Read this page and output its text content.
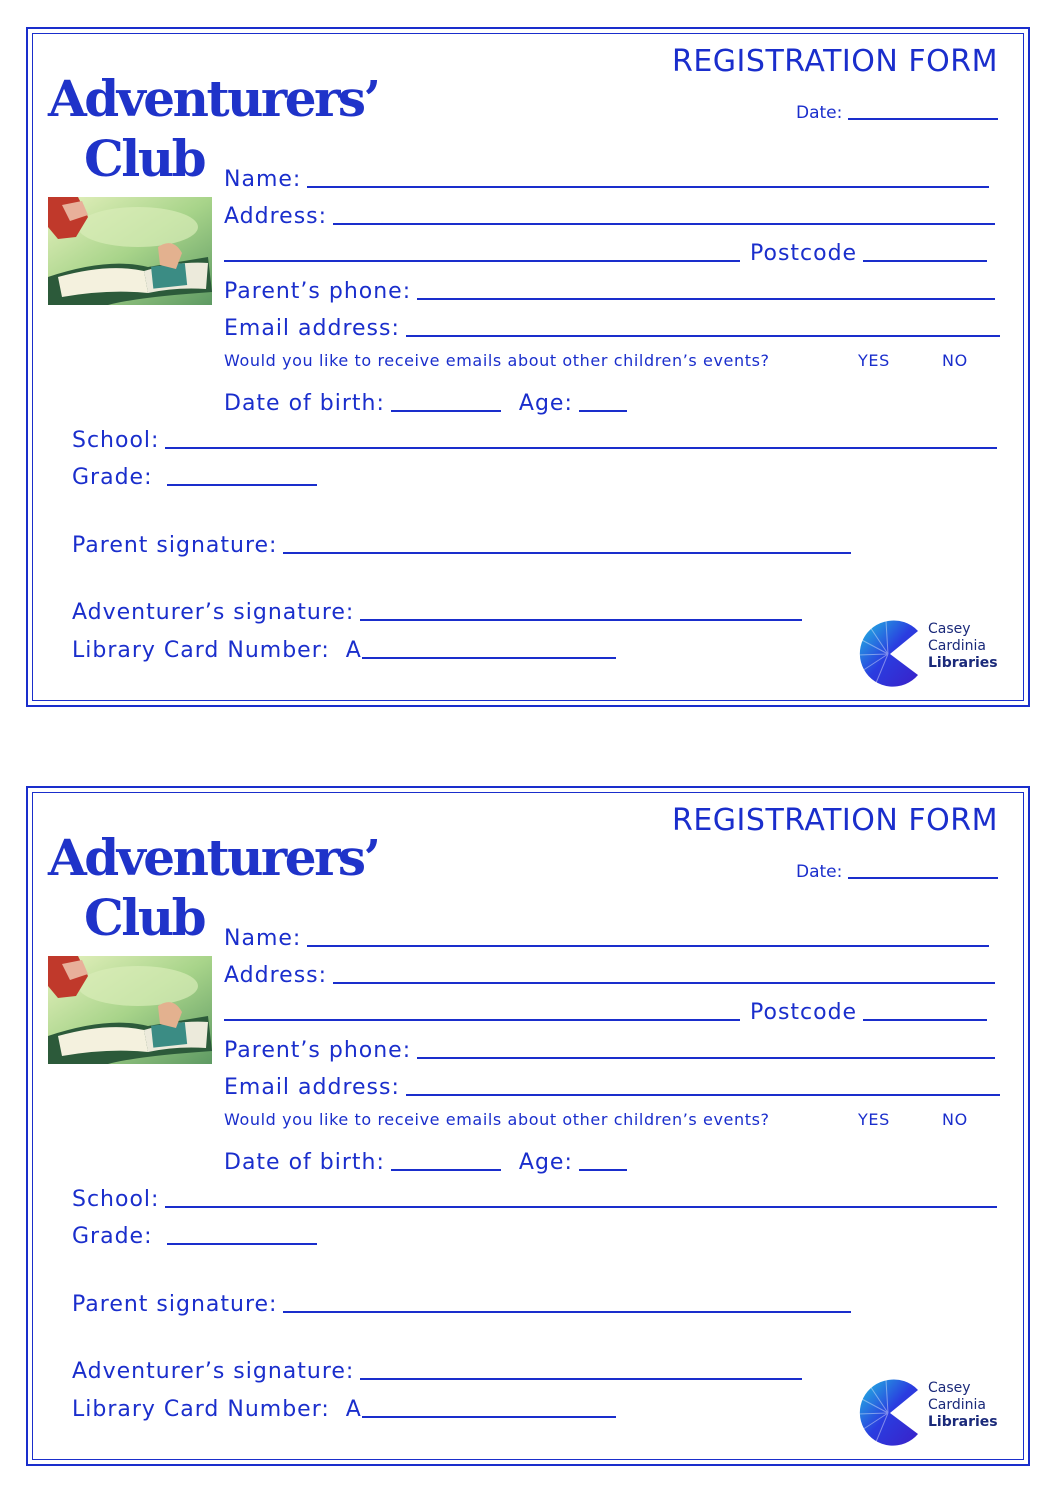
Adventurers’
Club
REGISTRATION FORM
Date:
Name:
Address:
Postcode
Parent’s phone:
Email address:
Would you like to receive emails about other children’s events?	YES	NO
Date of birth:	Age:
School:
Grade:
Parent signature:
Adventurer’s signature:
Library Card Number: A
Casey
Cardinia
Libraries
Adventurers’
Club
REGISTRATION FORM
Date:
Name:
Address:
Postcode
Parent’s phone:
Email address:
Would you like to receive emails about other children’s events?	YES	NO
Date of birth:	Age:
School:
Grade:
Parent signature:
Adventurer’s signature:
Library Card Number: A
Casey
Cardinia
Libraries
